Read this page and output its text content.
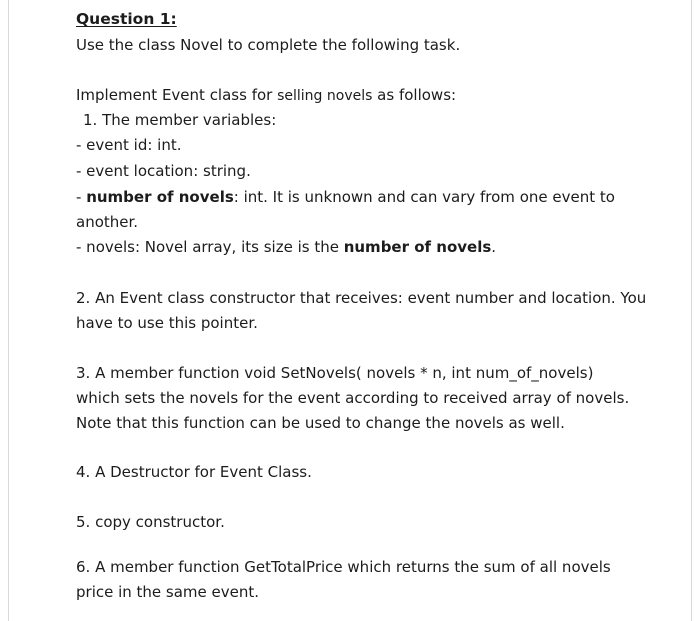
Question 1:
Use the class Novel to complete the following task.
Implement Event class for selling novels as follows:
1. The member variables:
- event id: int.
- event location: string.
- number of novels: int. It is unknown and can vary from one event to
another.
- novels: Novel array, its size is the number of novels.
2. An Event class constructor that receives: event number and location. You
have to use this pointer.
3. A member function void SetNovels( novels * n, int num_of_novels)
which sets the novels for the event according to received array of novels.
Note that this function can be used to change the novels as well.
4. A Destructor for Event Class.
5. copy constructor.
6. A member function GetTotalPrice which returns the sum of all novels
price in the same event.
